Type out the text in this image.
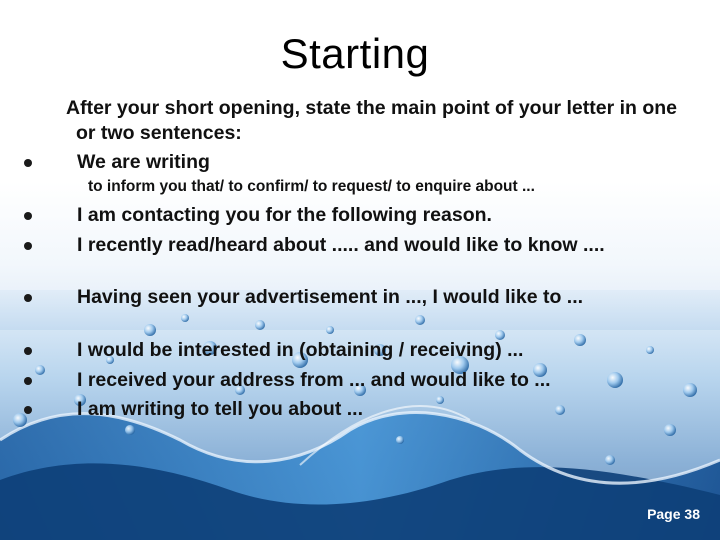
Starting
After your short opening, state the main point of your letter in one or two sentences:
We are writing
to inform you that/ to confirm/ to request/ to enquire about ...
I am contacting you for the following reason.
I recently read/heard about ..... and would like to know ....
Having seen your advertisement in ..., I would like to ...
I would be interested in (obtaining / receiving) ...
I received your address from ... and would like to ...
I am writing to tell you about ...
Page 38
